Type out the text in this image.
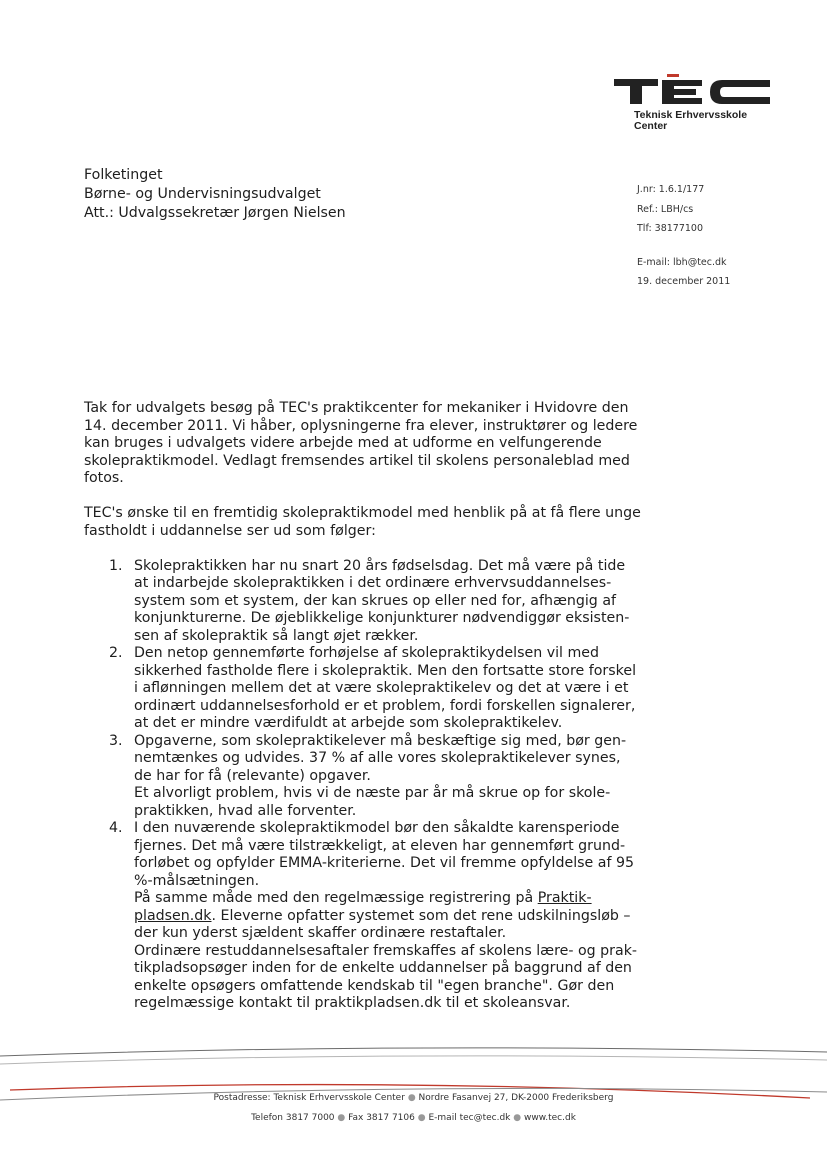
Teknisk Erhvervsskole
Center
Folketinget
Børne- og Undervisningsudvalget
Att.: Udvalgssekretær Jørgen Nielsen
J.nr: 1.6.1/177
Ref.: LBH/cs
Tlf: 38177100
E-mail: lbh@tec.dk
19. december 2011

Tak for udvalgets besøg på TEC's praktikcenter for mekaniker i Hvidovre den
14. december 2011. Vi håber, oplysningerne fra elever, instruktører og ledere
kan bruges i udvalgets videre arbejde med at udforme en velfungerende
skolepraktikmodel. Vedlagt fremsendes artikel til skolens personaleblad med
fotos.

TEC's ønske til en fremtidig skolepraktikmodel med henblik på at få flere unge
fastholdt i uddannelse ser ud som følger:

1. Skolepraktikken har nu snart 20 års fødselsdag. Det må være på tide
at indarbejde skolepraktikken i det ordinære erhvervsuddannelses-
system som et system, der kan skrues op eller ned for, afhængig af
konjunkturerne. De øjeblikkelige konjunkturer nødvendiggør eksisten-
sen af skolepraktik så langt øjet rækker.
2. Den netop gennemførte forhøjelse af skolepraktikydelsen vil med
sikkerhed fastholde flere i skolepraktik. Men den fortsatte store forskel
i aflønningen mellem det at være skolepraktikelev og det at være i et
ordinært uddannelsesforhold er et problem, fordi forskellen signalerer,
at det er mindre værdifuldt at arbejde som skolepraktikelev.
3. Opgaverne, som skolepraktikelever må beskæftige sig med, bør gen-
nemtænkes og udvides. 37 % af alle vores skolepraktikelever synes,
de har for få (relevante) opgaver.
Et alvorligt problem, hvis vi de næste par år må skrue op for skole-
praktikken, hvad alle forventer.
4. I den nuværende skolepraktikmodel bør den såkaldte karensperiode
fjernes. Det må være tilstrækkeligt, at eleven har gennemført grund-
forløbet og opfylder EMMA-kriterierne. Det vil fremme opfyldelse af 95
%-målsætningen.
På samme måde med den regelmæssige registrering på Praktik-
pladsen.dk. Eleverne opfatter systemet som det rene udskilningsløb –
der kun yderst sjældent skaffer ordinære restaftaler.
Ordinære restuddannelsesaftaler fremskaffes af skolens lære- og prak-
tikpladsopsøger inden for de enkelte uddannelser på baggrund af den
enkelte opsøgers omfattende kendskab til "egen branche". Gør den
regelmæssige kontakt til praktikpladsen.dk til et skoleansvar.
Postadresse: Teknisk Erhvervsskole Center ● Nordre Fasanvej 27, DK-2000 Frederiksberg
Telefon 3817 7000 ● Fax 3817 7106 ● E-mail tec@tec.dk ● www.tec.dk
